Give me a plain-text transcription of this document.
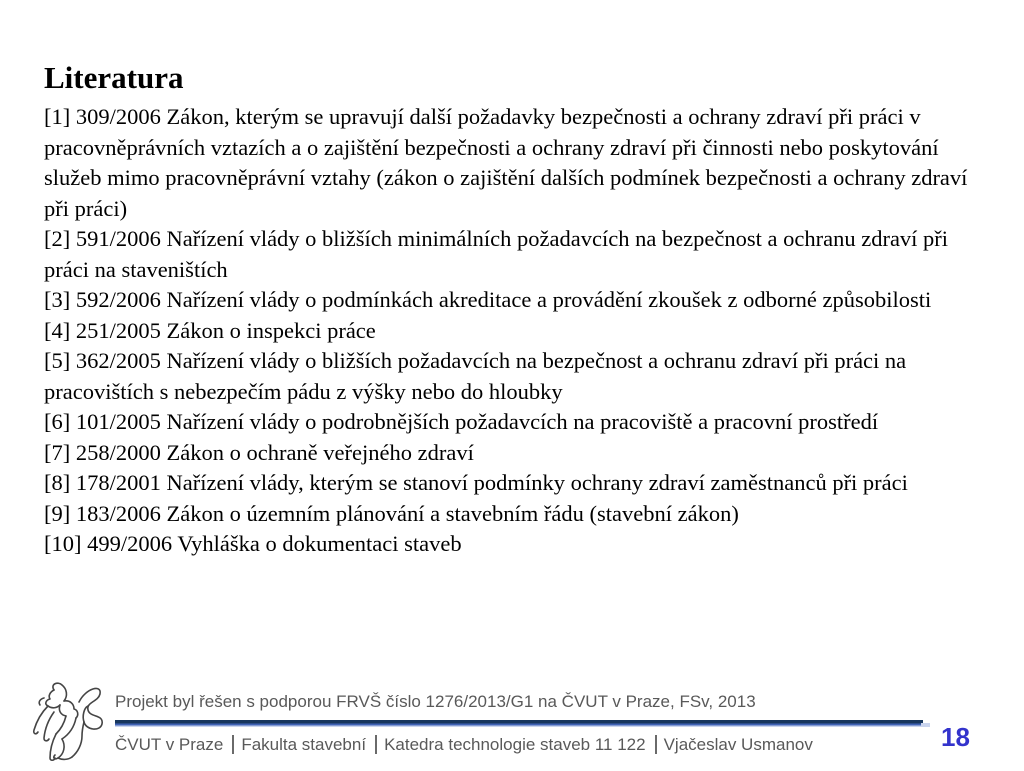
Literatura

[1] 309/2006 Zákon, kterým se upravují další požadavky bezpečnosti a ochrany zdraví při práci v pracovněprávních vztazích a o zajištění bezpečnosti a ochrany zdraví při činnosti nebo poskytování služeb mimo pracovněprávní vztahy (zákon o zajištění dalších podmínek bezpečnosti a ochrany zdraví při práci)

[2] 591/2006 Nařízení vlády o bližších minimálních požadavcích na bezpečnost a ochranu zdraví při práci na staveništích

[3] 592/2006 Nařízení vlády o podmínkách akreditace a provádění zkoušek z odborné způsobilosti

[4] 251/2005 Zákon o inspekci práce

[5] 362/2005 Nařízení vlády o bližších požadavcích na bezpečnost a ochranu zdraví při práci na pracovištích s nebezpečím pádu z výšky nebo do hloubky

[6] 101/2005 Nařízení vlády o podrobnějších požadavcích na pracoviště a pracovní prostředí

[7] 258/2000 Zákon o ochraně veřejného zdraví

[8] 178/2001 Nařízení vlády, kterým se stanoví podmínky ochrany zdraví zaměstnanců při práci

[9] 183/2006 Zákon o územním plánování a stavebním řádu (stavební zákon)

[10] 499/2006 Vyhláška o dokumentaci staveb

Projekt byl řešen s podporou FRVŠ číslo 1276/2013/G1 na ČVUT v Praze, FSv, 2013
ČVUT v Praze Fakulta stavební Katedra technologie staveb 11 122 Vjačeslav Usmanov	18
